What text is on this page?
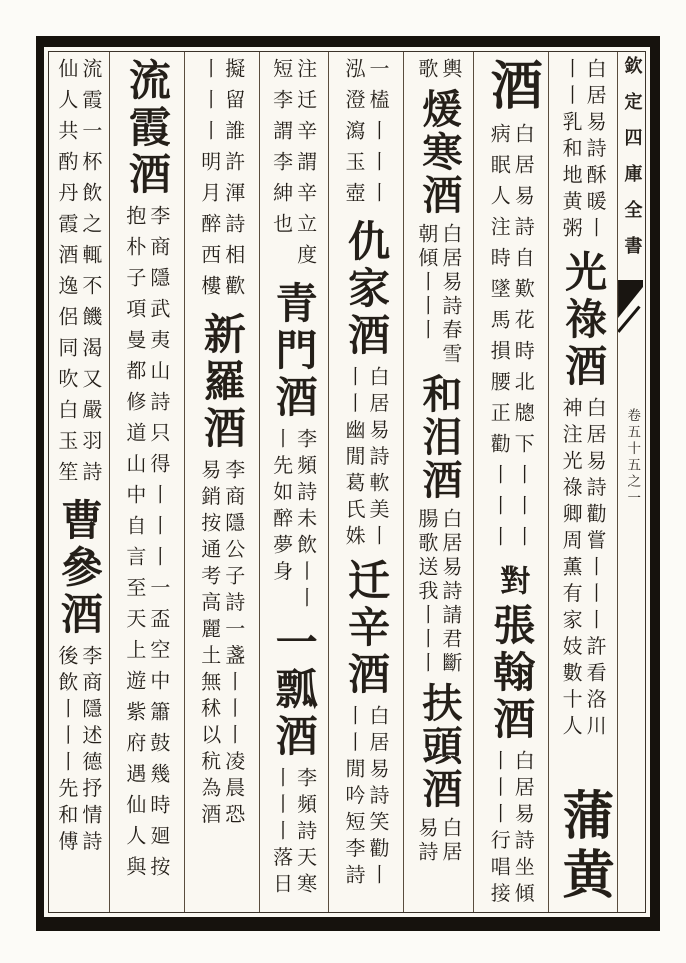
欽定四庫全書
卷五十五之一
白居易詩酥暖丨
丨丨乳和地黄粥
光祿酒
白居易詩勸嘗丨丨丨許看洛川
神注光祿卿周薫有家妓數十人
蒲黄
酒
白居易詩自歎花時北牕下丨丨丨
病眠人注時墜馬損腰正勸丨丨丨
對
張翰酒
白居易詩坐傾
丨丨丨行唱接
輿
歌
煖寒酒
白居易詩春雪
朝傾丨丨丨
和泪酒
白居易詩請君斷
腸歌送我丨丨丨
扶頭酒
白居
易詩
一榼丨丨丨
泓澄瀉玉壺
仇家酒
白居易詩軟美丨
丨丨幽閒葛氏姝
迁辛酒
白居易詩笑勸丨
丨丨閒吟短李詩
注迁辛謂辛立度
短李謂李紳也
青門酒
李頻詩未飲丨丨
丨先如醉夢身
一瓢酒
李頻詩天寒
丨丨丨落日
擬留誰許渾詩相歡
丨丨丨明月醉西樓
新羅酒
李商隱公子詩一盞丨丨丨凌晨恐
易銷按通考高麗土無秫以秔為酒
流霞酒
李商隱武夷山詩只得丨丨丨一盃空中簫鼓幾時廻按
抱朴子項曼都修道山中自言至天上遊紫府遇仙人與
流霞一杯飲之輒不饑渴又嚴羽詩
仙人共酌丹霞酒逸侶同吹白玉笙
曹參酒
李商隱述德抒情詩
後飲丨丨丨先和傅
